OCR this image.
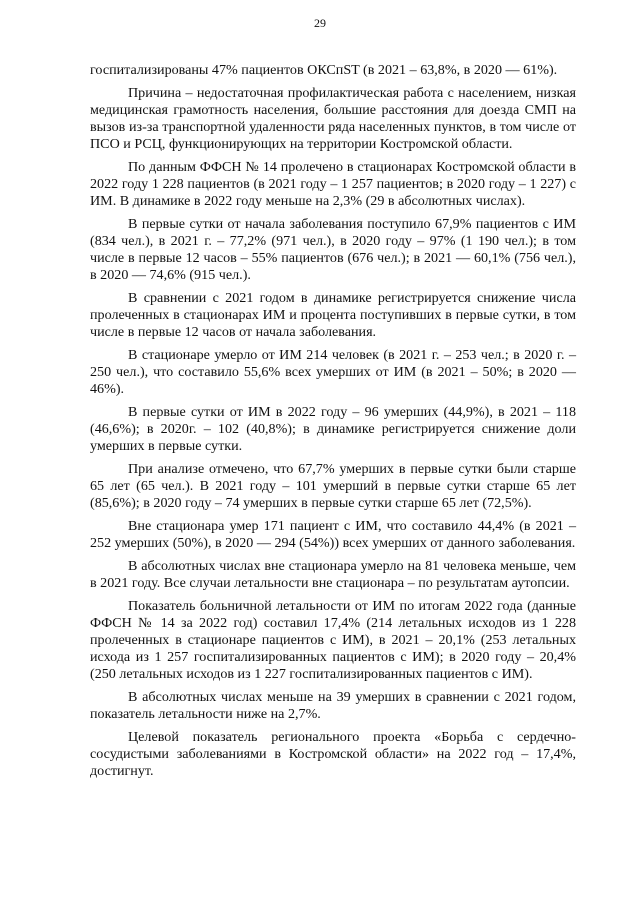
29

госпитализированы 47% пациентов ОКСпST (в 2021 – 63,8%, в 2020 — 61%).

Причина – недостаточная профилактическая работа с населением, низкая медицинская грамотность населения, большие расстояния для доезда СМП на вызов из-за транспортной удаленности ряда населенных пунктов, в том числе от ПСО и РСЦ, функционирующих на территории Костромской области.

По данным ФФСН № 14 пролечено в стационарах Костромской области в 2022 году 1 228 пациентов (в 2021 году – 1 257 пациентов; в 2020 году – 1 227) с ИМ. В динамике в 2022 году меньше на 2,3% (29 в абсолютных числах).

В первые сутки от начала заболевания поступило 67,9% пациентов с ИМ (834 чел.), в 2021 г. – 77,2% (971 чел.), в 2020 году – 97% (1 190 чел.); в том числе в первые 12 часов – 55% пациентов (676 чел.); в 2021 — 60,1% (756 чел.), в 2020 — 74,6% (915 чел.).

В сравнении с 2021 годом в динамике регистрируется снижение числа пролеченных в стационарах ИМ и процента поступивших в первые сутки, в том числе в первые 12 часов от начала заболевания.

В стационаре умерло от ИМ 214 человек (в 2021 г. – 253 чел.; в 2020 г. – 250 чел.), что составило 55,6% всех умерших от ИМ (в 2021 – 50%; в 2020 — 46%).

В первые сутки от ИМ в 2022 году – 96 умерших (44,9%), в 2021 – 118 (46,6%); в 2020г. – 102 (40,8%); в динамике регистрируется снижение доли умерших в первые сутки.

При анализе отмечено, что 67,7% умерших в первые сутки были старше 65 лет (65 чел.). В 2021 году – 101 умерший в первые сутки старше 65 лет (85,6%); в 2020 году – 74 умерших в первые сутки старше 65 лет (72,5%).

Вне стационара умер 171 пациент с ИМ, что составило 44,4% (в 2021 – 252 умерших (50%), в 2020 — 294 (54%)) всех умерших от данного заболевания.

В абсолютных числах вне стационара умерло на 81 человека меньше, чем в 2021 году. Все случаи летальности вне стационара – по результатам аутопсии.

Показатель больничной летальности от ИМ по итогам 2022 года (данные ФФСН № 14 за 2022 год) составил 17,4% (214 летальных исходов из 1 228 пролеченных в стационаре пациентов с ИМ), в 2021 – 20,1% (253 летальных исхода из 1 257 госпитализированных пациентов с ИМ); в 2020 году – 20,4% (250 летальных исходов из 1 227 госпитализированных пациентов с ИМ).

В абсолютных числах меньше на 39 умерших в сравнении с 2021 годом, показатель летальности ниже на 2,7%.

Целевой показатель регионального проекта «Борьба с сердечно-сосудистыми заболеваниями в Костромской области» на 2022 год – 17,4%, достигнут.
